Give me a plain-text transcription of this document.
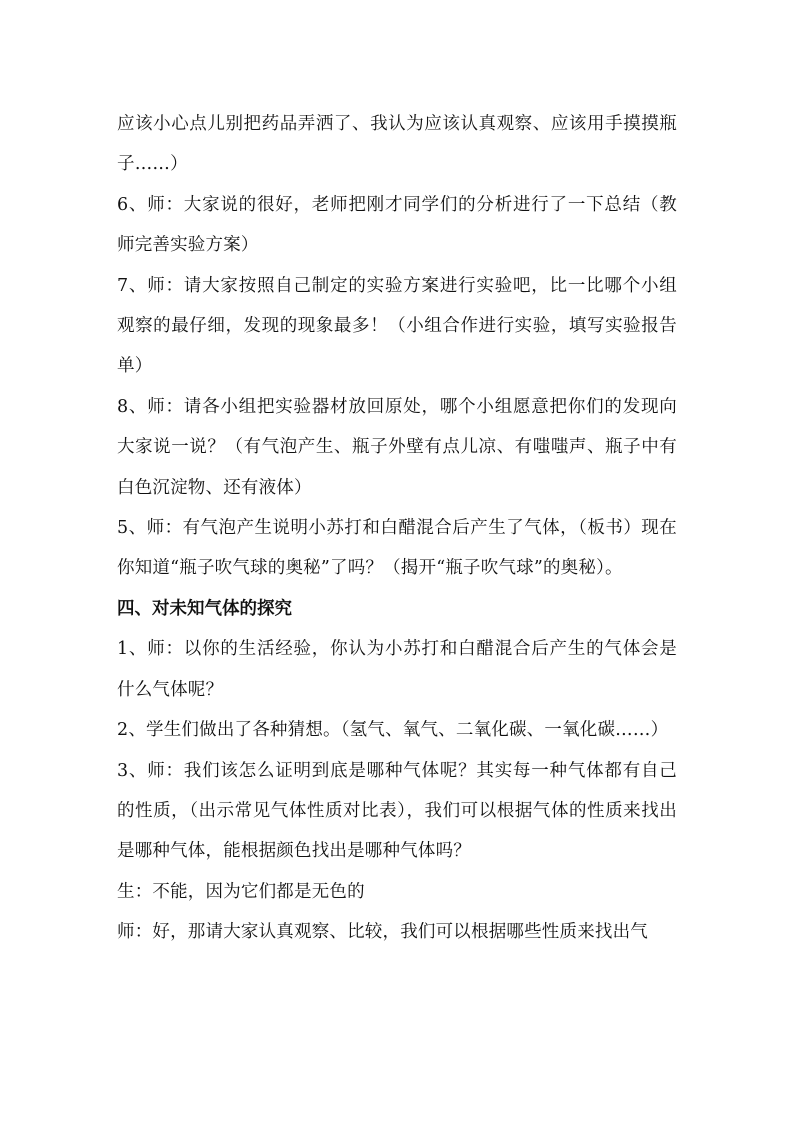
应该小心点儿别把药品弄洒了、我认为应该认真观察、应该用手摸摸瓶子……）

6、师：大家说的很好，老师把刚才同学们的分析进行了一下总结（教师完善实验方案）

7、师：请大家按照自己制定的实验方案进行实验吧，比一比哪个小组观察的最仔细，发现的现象最多！（小组合作进行实验，填写实验报告单）

8、师：请各小组把实验器材放回原处，哪个小组愿意把你们的发现向大家说一说？（有气泡产生、瓶子外壁有点儿凉、有嗤嗤声、瓶子中有白色沉淀物、还有液体）

5、师：有气泡产生说明小苏打和白醋混合后产生了气体，（板书）现在你知道“瓶子吹气球的奥秘”了吗？（揭开“瓶子吹气球”的奥秘）。

四、对未知气体的探究

1、师：以你的生活经验，你认为小苏打和白醋混合后产生的气体会是什么气体呢？

2、学生们做出了各种猜想。（氢气、氧气、二氧化碳、一氧化碳……）

3、师：我们该怎么证明到底是哪种气体呢？其实每一种气体都有自己的性质，（出示常见气体性质对比表），我们可以根据气体的性质来找出是哪种气体，能根据颜色找出是哪种气体吗？

生：不能，因为它们都是无色的

师：好，那请大家认真观察、比较，我们可以根据哪些性质来找出气
